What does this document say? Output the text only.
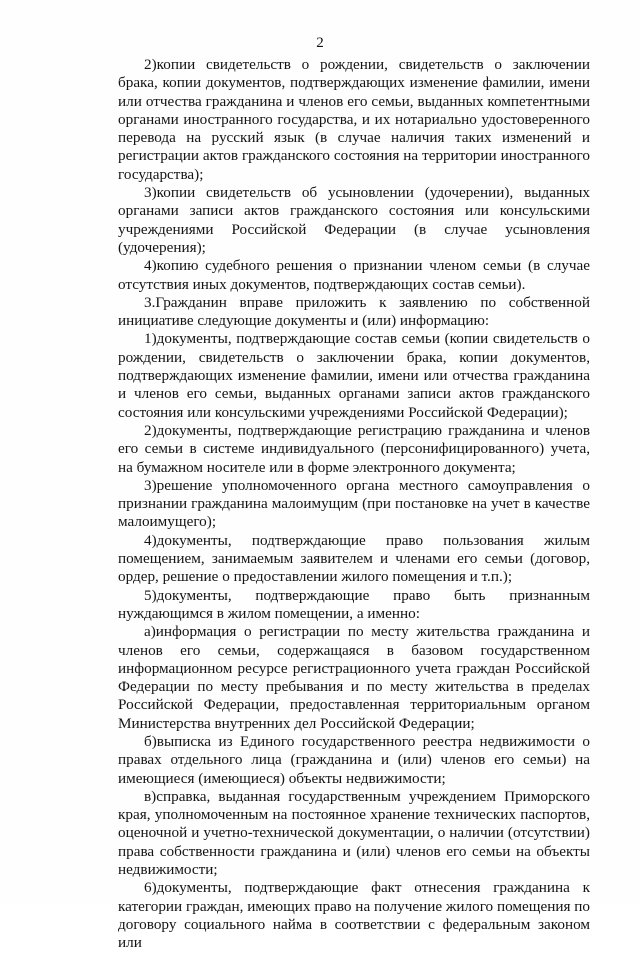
2

2)копии свидетельств о рождении, свидетельств о заключении брака, копии документов, подтверждающих изменение фамилии, имени или отчества гражданина и членов его семьи, выданных компетентными органами иностранного государства, и их нотариально удостоверенного перевода на русский язык (в случае наличия таких изменений и регистрации актов гражданского состояния на территории иностранного государства);

3)копии свидетельств об усыновлении (удочерении), выданных органами записи актов гражданского состояния или консульскими учреждениями Российской Федерации (в случае усыновления (удочерения);

4)копию судебного решения о признании членом семьи (в случае отсутствия иных документов, подтверждающих состав семьи).

3.Гражданин вправе приложить к заявлению по собственной инициативе следующие документы и (или) информацию:

1)документы, подтверждающие состав семьи (копии свидетельств о рождении, свидетельств о заключении брака, копии документов, подтверждающих изменение фамилии, имени или отчества гражданина и членов его семьи, выданных органами записи актов гражданского состояния или консульскими учреждениями Российской Федерации);

2)документы, подтверждающие регистрацию гражданина и членов его семьи в системе индивидуального (персонифицированного) учета, на бумажном носителе или в форме электронного документа;

3)решение уполномоченного органа местного самоуправления о признании гражданина малоимущим (при постановке на учет в качестве малоимущего);

4)документы, подтверждающие право пользования жилым помещением, занимаемым заявителем и членами его семьи (договор, ордер, решение о предоставлении жилого помещения и т.п.);

5)документы, подтверждающие право быть признанным нуждающимся в жилом помещении, а именно:

а)информация о регистрации по месту жительства гражданина и членов его семьи, содержащаяся в базовом государственном информационном ресурсе регистрационного учета граждан Российской Федерации по месту пребывания и по месту жительства в пределах Российской Федерации, предоставленная территориальным органом Министерства внутренних дел Российской Федерации;

б)выписка из Единого государственного реестра недвижимости о правах отдельного лица (гражданина и (или) членов его семьи) на имеющиеся (имеющиеся) объекты недвижимости;

в)справка, выданная государственным учреждением Приморского края, уполномоченным на постоянное хранение технических паспортов, оценочной и учетно-технической документации, о наличии (отсутствии) права собственности гражданина и (или) членов его семьи на объекты недвижимости;

6)документы, подтверждающие факт отнесения гражданина к категории граждан, имеющих право на получение жилого помещения по договору социального найма в соответствии с федеральным законом или
